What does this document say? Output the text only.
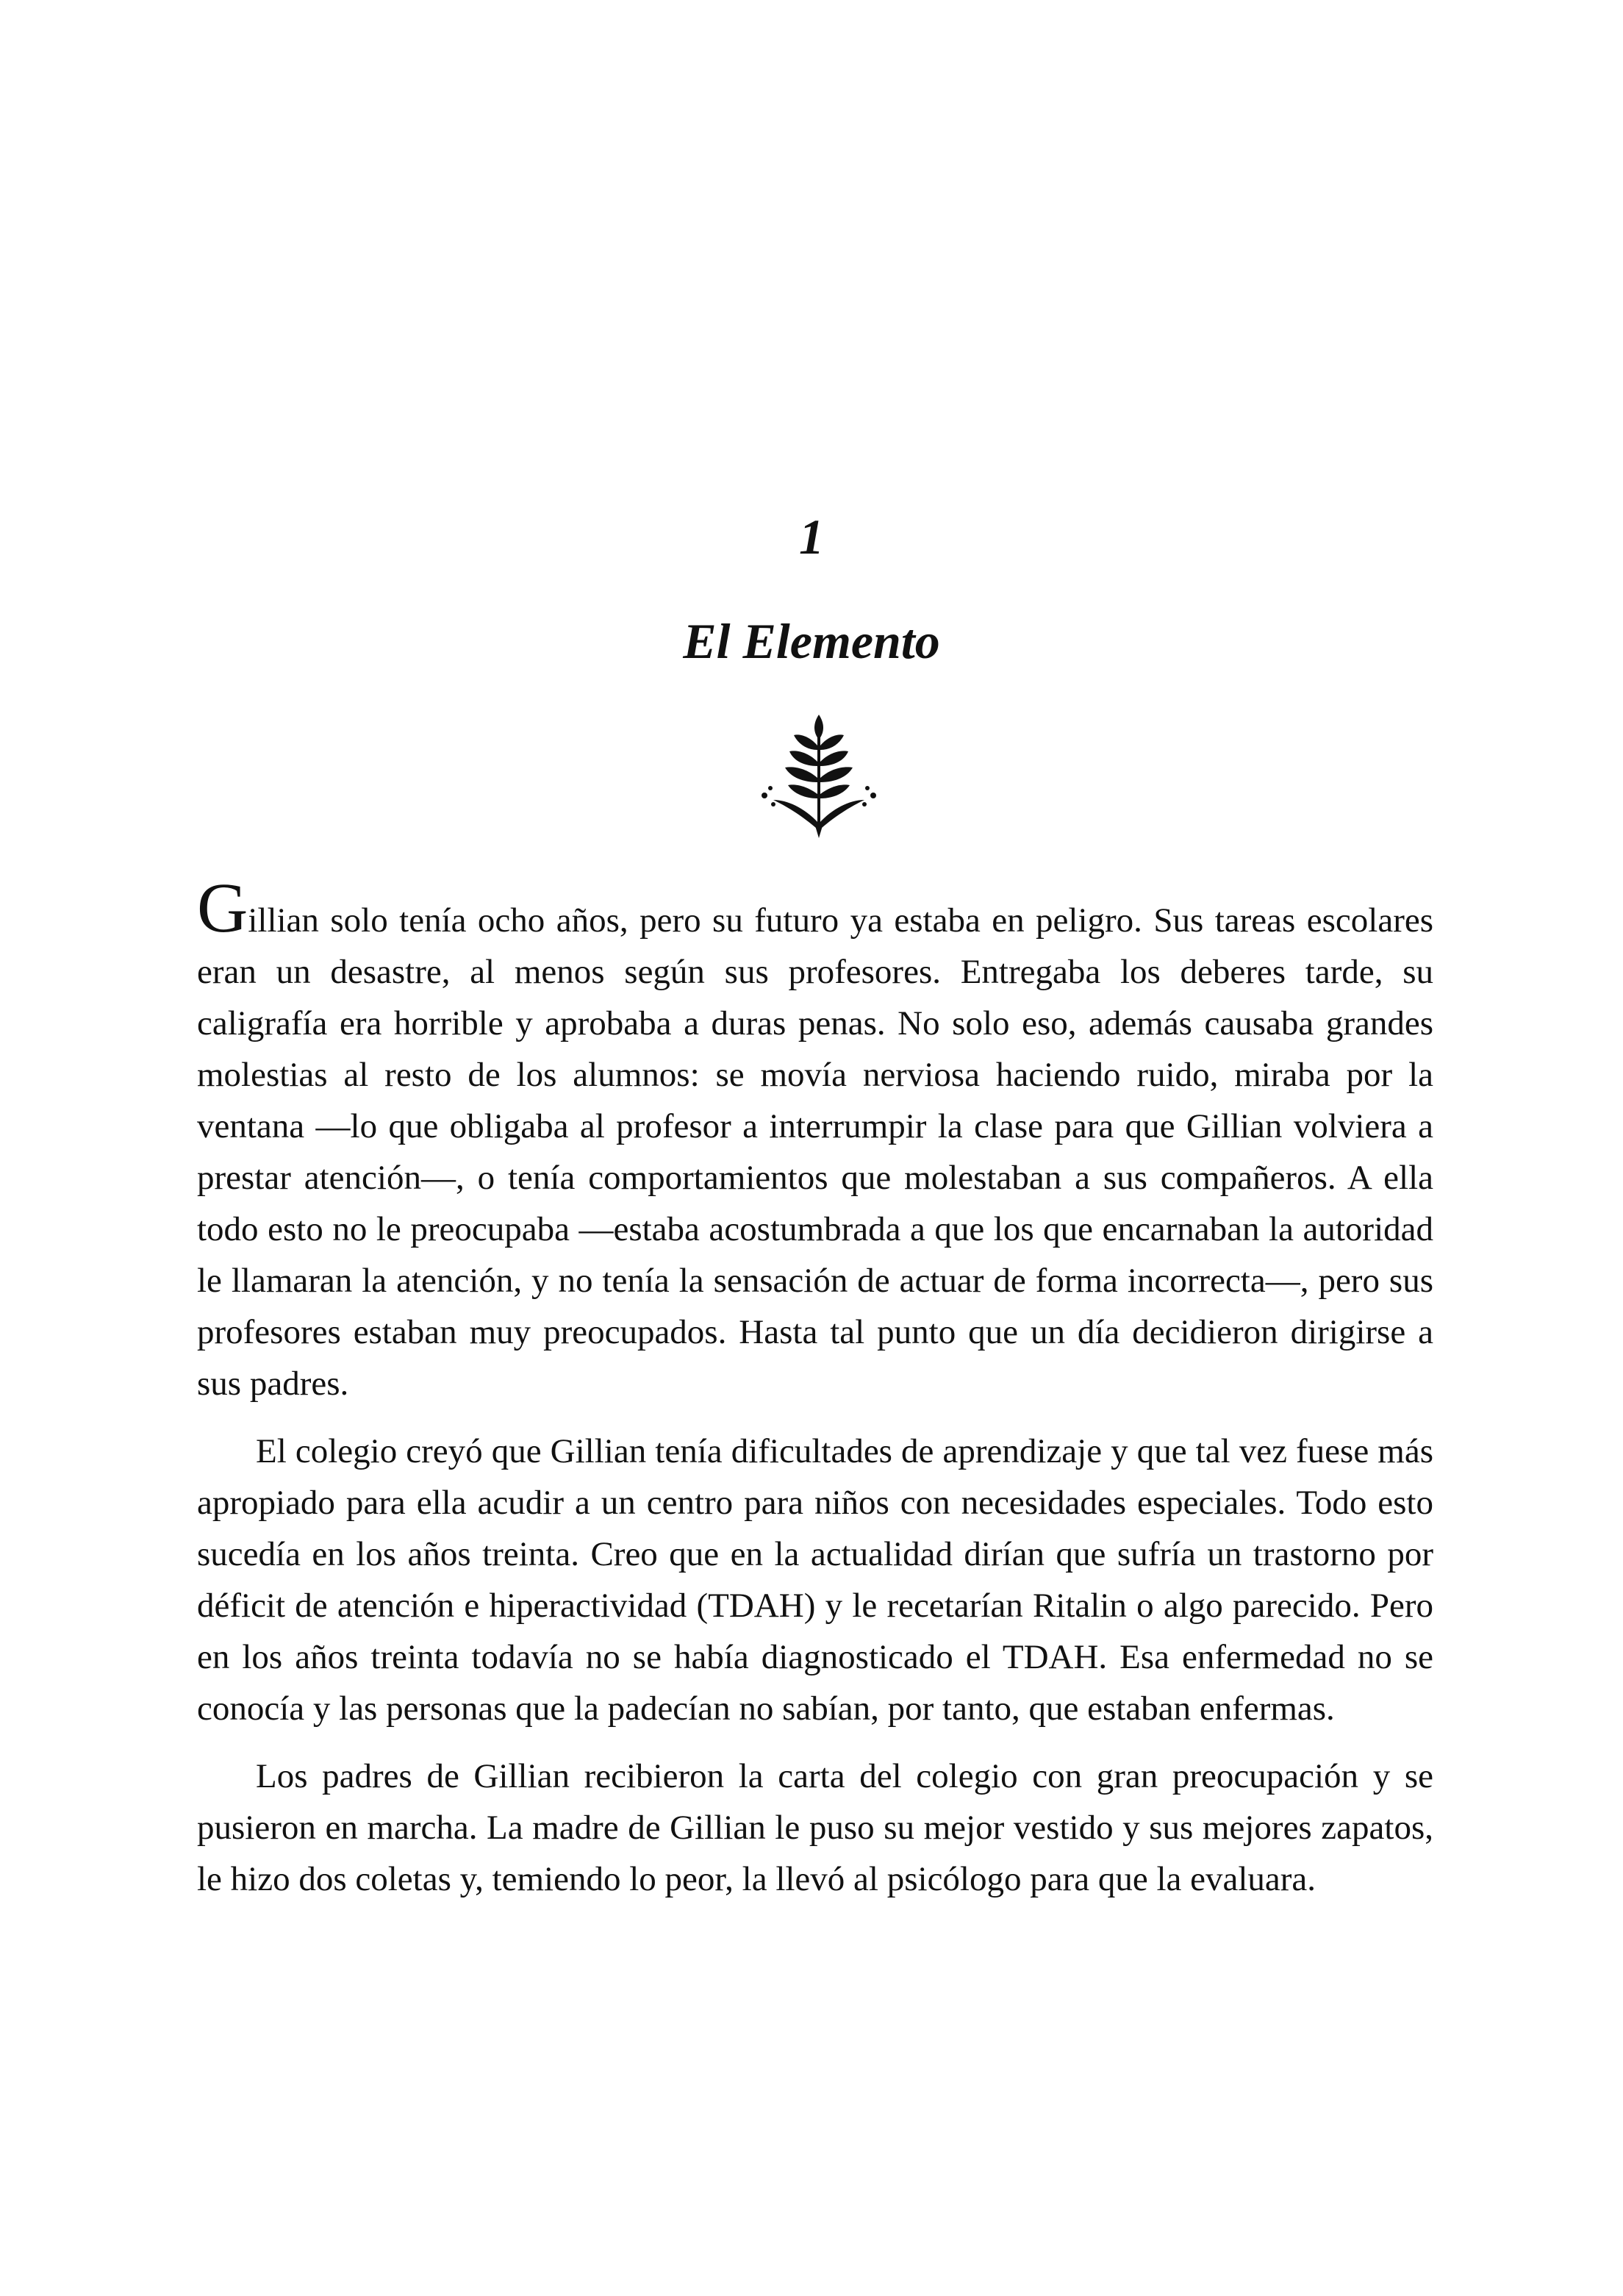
1
El Elemento

Gillian solo tenía ocho años, pero su futuro ya estaba en peligro. Sus tareas escolares eran un desastre, al menos según sus profesores. Entregaba los deberes tarde, su caligrafía era horrible y aprobaba a duras penas. No solo eso, además causaba grandes molestias al resto de los alumnos: se movía nerviosa haciendo ruido, miraba por la ventana —lo que obligaba al profesor a interrumpir la clase para que Gillian volviera a prestar atención—, o tenía comportamientos que molestaban a sus compañeros. A ella todo esto no le preocupaba —estaba acostumbrada a que los que encarnaban la autoridad le llamaran la atención, y no tenía la sensación de actuar de forma incorrecta—, pero sus profesores estaban muy preocupados. Hasta tal punto que un día decidieron dirigirse a sus padres.

El colegio creyó que Gillian tenía dificultades de aprendizaje y que tal vez fuese más apropiado para ella acudir a un centro para niños con necesidades especiales. Todo esto sucedía en los años treinta. Creo que en la actualidad dirían que sufría un trastorno por déficit de atención e hiperactividad (TDAH) y le recetarían Ritalin o algo parecido. Pero en los años treinta todavía no se había diagnosticado el TDAH. Esa enfermedad no se conocía y las personas que la padecían no sabían, por tanto, que estaban enfermas.

Los padres de Gillian recibieron la carta del colegio con gran preocupación y se pusieron en marcha. La madre de Gillian le puso su mejor vestido y sus mejores zapatos, le hizo dos coletas y, temiendo lo peor, la llevó al psicólogo para que la evaluara.
